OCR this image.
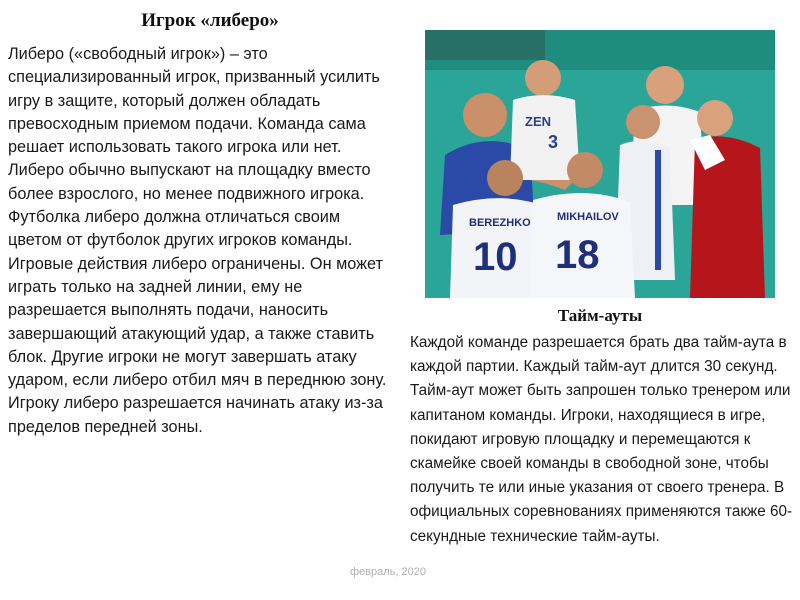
Игрок «либеро»

Либеро («свободный игрок») – это специализированный игрок, призванный усилить игру в защите, который должен обладать превосходным приемом подачи. Команда сама решает использовать такого игрока или нет. Либеро обычно выпускают на площадку вместо более взрослого, но менее подвижного игрока. Футболка либеро должна отличаться своим цветом от футболок других игроков команды.

Игровые действия либеро ограничены. Он может играть только на задней линии, ему не разрешается выполнять подачи, наносить завершающий атакующий удар, а также ставить блок. Другие игроки не могут завершать атаку ударом, если либеро отбил мяч в переднюю зону. Игроку либеро разрешается начинать атаку из-за пределов передней зоны.

ZEN
3
BEREZHKO
10
MIKHAILOV
18
Тайм-ауты

Каждой команде разрешается брать два тайм-аута в каждой партии. Каждый тайм-аут длится 30 секунд. Тайм-аут может быть запрошен только тренером или капитаном команды. Игроки, находящиеся в игре, покидают игровую площадку и перемещаются к скамейке своей команды в свободной зоне, чтобы получить те или иные указания от своего тренера. В официальных соревнованиях применяются также 60-секундные технические тайм-ауты.

февраль, 2020
